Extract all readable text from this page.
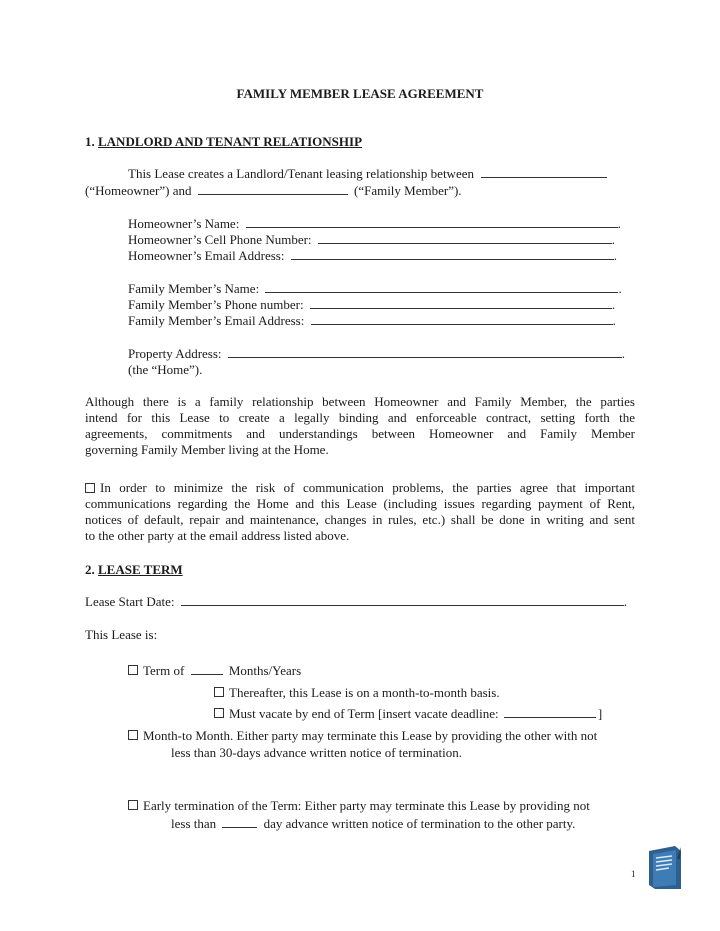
FAMILY MEMBER LEASE AGREEMENT
1. LANDLORD AND TENANT RELATIONSHIP
This Lease creates a Landlord/Tenant leasing relationship between
(“Homeowner”) and	(“Family Member”).
Homeowner’s Name:	.
Homeowner’s Cell Phone Number:	.
Homeowner’s Email Address:	.
Family Member’s Name:	.
Family Member’s Phone number:	.
Family Member’s Email Address:	.
Property Address:	.
(the “Home”).
Although there is a family relationship between Homeowner and Family Member, the parties
intend for this Lease to create a legally binding and enforceable contract, setting forth the
agreements, commitments and understandings between Homeowner and Family Member
governing Family Member living at the Home.
In order to minimize the risk of communication problems, the parties agree that important
communications regarding the Home and this Lease (including issues regarding payment of Rent,
notices of default, repair and maintenance, changes in rules, etc.) shall be done in writing and sent
to the other party at the email address listed above.
2. LEASE TERM
Lease Start Date:	.
This Lease is:
Term of	Months/Years
Thereafter, this Lease is on a month-to-month basis.
Must vacate by end of Term [insert vacate deadline:	]
Month-to Month. Either party may terminate this Lease by providing the other with not
less than 30-days advance written notice of termination.
Early termination of the Term: Either party may terminate this Lease by providing not
less than	day advance written notice of termination to the other party.
1
